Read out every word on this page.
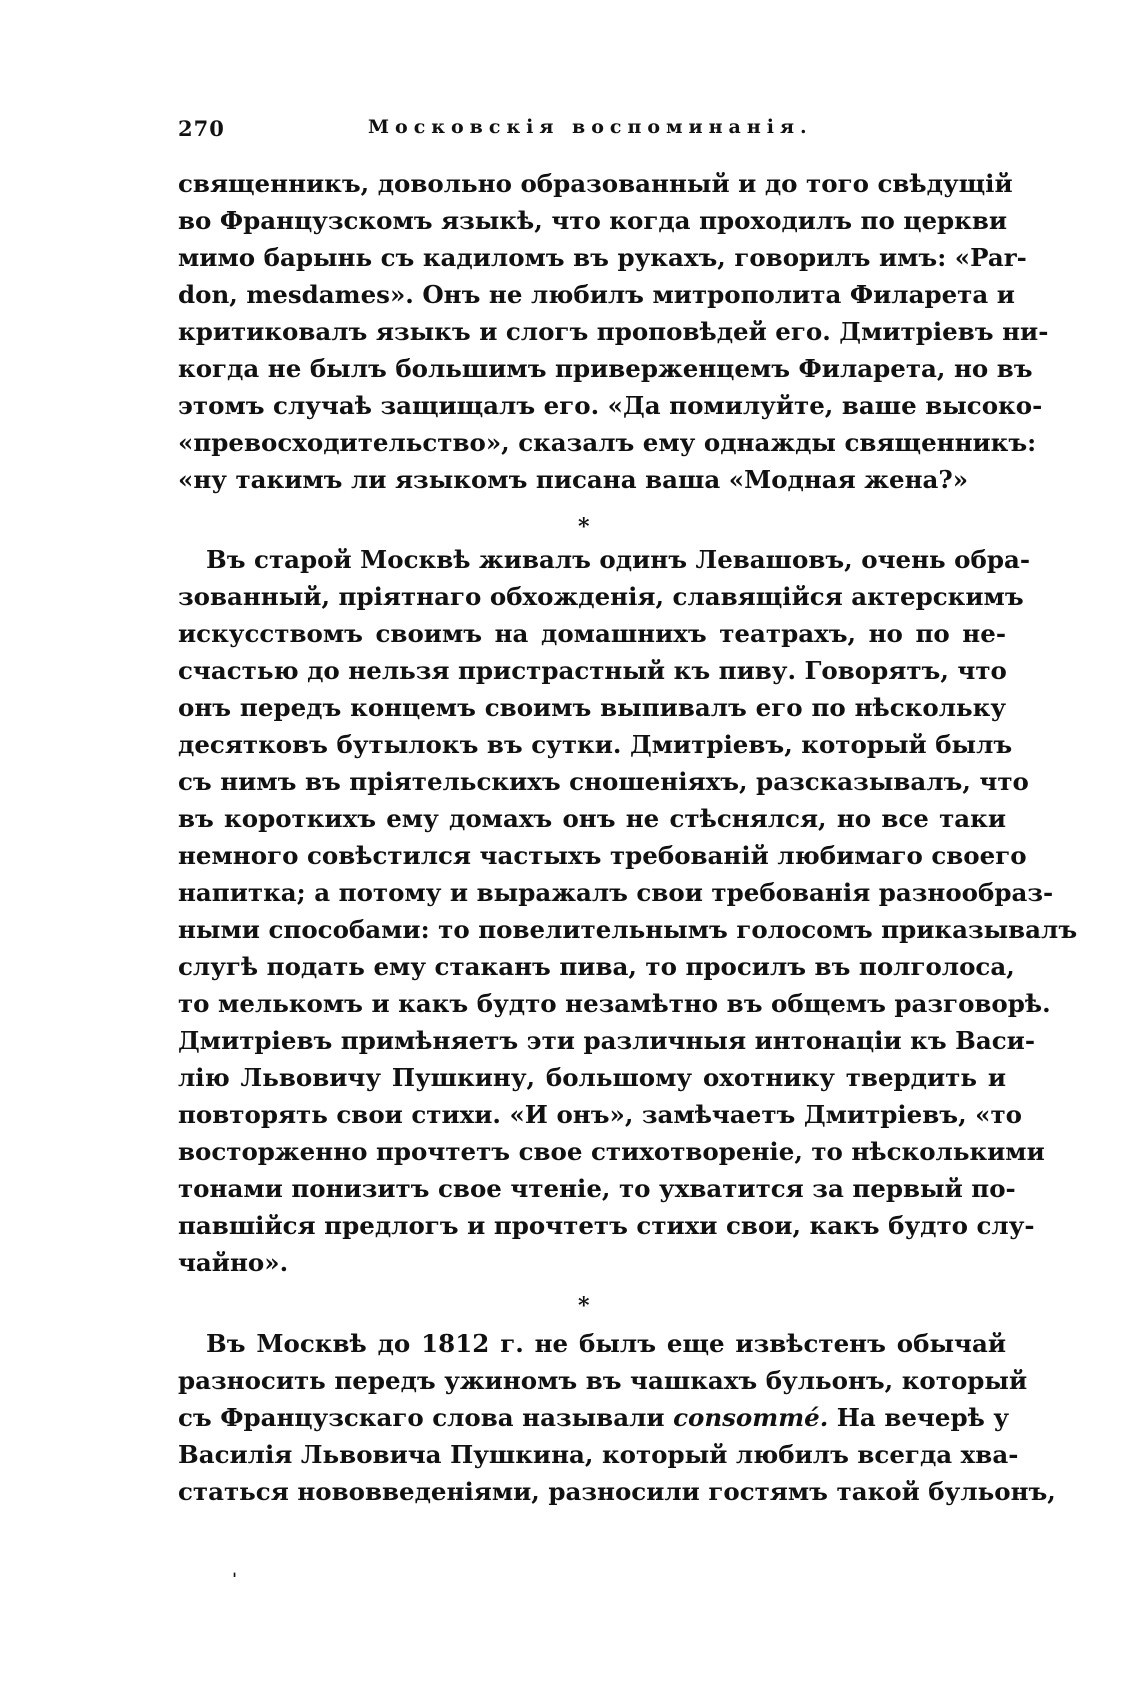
270	Московскія воспоминанія.
священникъ, довольно образованный и до того свѣдущій
во Французскомъ языкѣ, что когда проходилъ по церкви
мимо барынь съ кадиломъ въ рукахъ, говорилъ имъ: «Par-
don, mesdames». Онъ не любилъ митрополита Филарета и
критиковалъ языкъ и слогъ проповѣдей его. Дмитріевъ ни-
когда не былъ большимъ приверженцемъ Филарета, но въ
этомъ случаѣ защищалъ его. «Да помилуйте, ваше высоко-
«превосходительство», сказалъ ему однажды священникъ:
«ну такимъ ли языкомъ писана ваша «Модная жена?»
*
Въ старой Москвѣ живалъ одинъ Левашовъ, очень обра-
зованный, пріятнаго обхожденія, славящійся актерскимъ
искусствомъ своимъ на домашнихъ театрахъ, но по не-
счастью до нельзя пристрастный къ пиву. Говорятъ, что
онъ передъ концемъ своимъ выпивалъ его по нѣскольку
десятковъ бутылокъ въ сутки. Дмитріевъ, который былъ
съ нимъ въ пріятельскихъ сношеніяхъ, разсказывалъ, что
въ короткихъ ему домахъ онъ не стѣснялся, но все таки
немного совѣстился частыхъ требованій любимаго своего
напитка; а потому и выражалъ свои требованія разнообраз-
ными способами: то повелительнымъ голосомъ приказывалъ
слугѣ подать ему стаканъ пива, то просилъ въ полголоса,
то мелькомъ и какъ будто незамѣтно въ общемъ разговорѣ.
Дмитріевъ примѣняетъ эти различныя интонаціи къ Васи-
лію Львовичу Пушкину, большому охотнику твердить и
повторять свои стихи. «И онъ», замѣчаетъ Дмитріевъ, «то
восторженно прочтетъ свое стихотвореніе, то нѣсколькими
тонами понизитъ свое чтеніе, то ухватится за первый по-
павшійся предлогъ и прочтетъ стихи свои, какъ будто слу-
чайно».
*
Въ Москвѣ до 1812 г. не былъ еще извѣстенъ обычай
разносить передъ ужиномъ въ чашкахъ бульонъ, который
съ Французскаго слова называли consommé. На вечерѣ у
Василія Львовича Пушкина, который любилъ всегда хва-
статься нововведеніями, разносили гостямъ такой бульонъ,
ˈ
